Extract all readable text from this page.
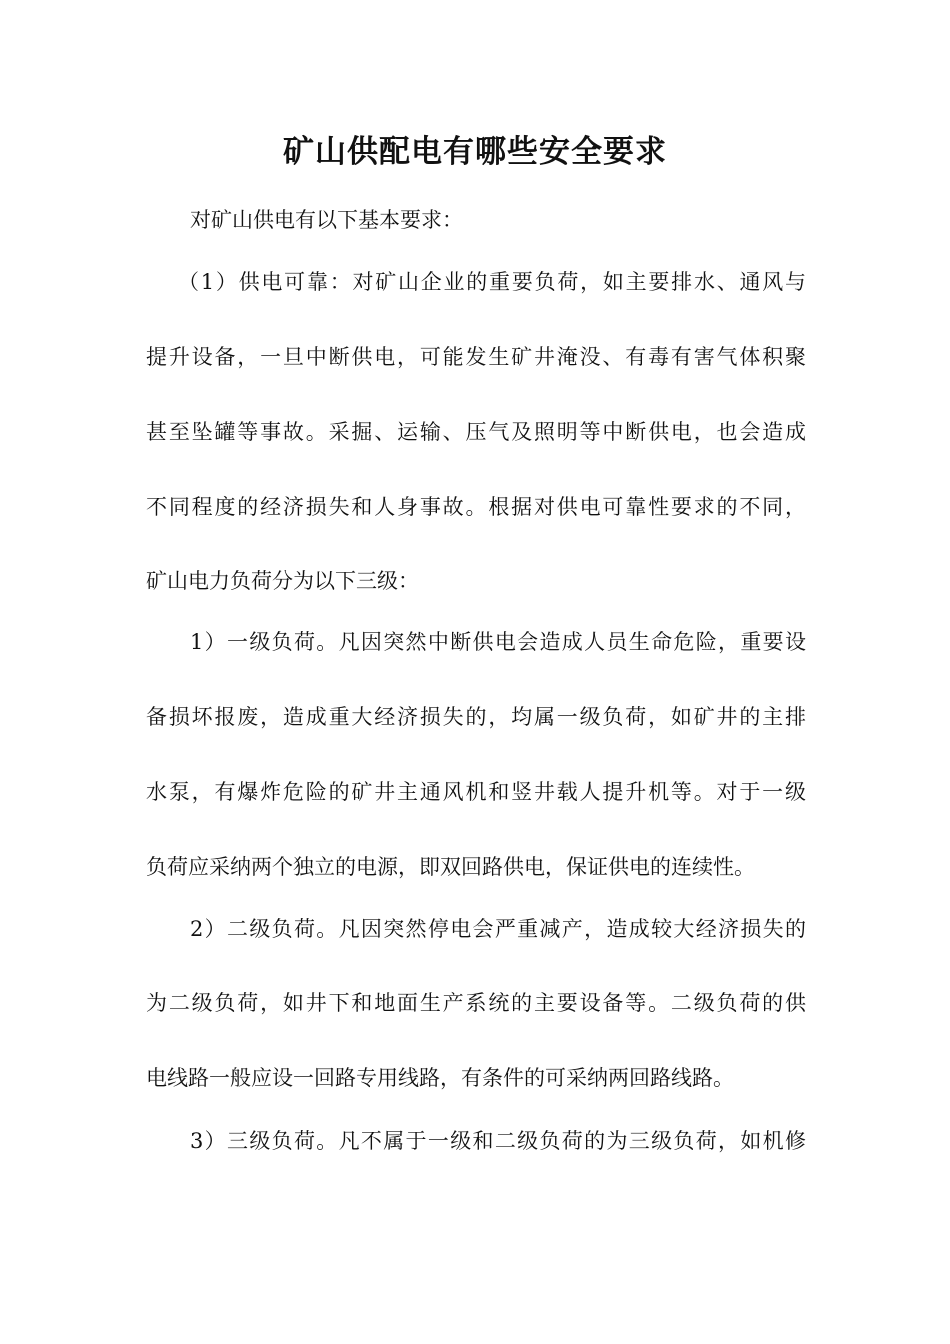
矿山供配电有哪些安全要求
对矿山供电有以下基本要求：
（1）供电可靠：对矿山企业的重要负荷，如主要排水、通风与
提升设备，一旦中断供电，可能发生矿井淹没、有毒有害气体积聚
甚至坠罐等事故。采掘、运输、压气及照明等中断供电，也会造成
不同程度的经济损失和人身事故。根据对供电可靠性要求的不同，
矿山电力负荷分为以下三级：
1）一级负荷。凡因突然中断供电会造成人员生命危险，重要设
备损坏报废，造成重大经济损失的，均属一级负荷，如矿井的主排
水泵，有爆炸危险的矿井主通风机和竖井载人提升机等。对于一级
负荷应采纳两个独立的电源，即双回路供电，保证供电的连续性。
2）二级负荷。凡因突然停电会严重减产，造成较大经济损失的
为二级负荷，如井下和地面生产系统的主要设备等。二级负荷的供
电线路一般应设一回路专用线路，有条件的可采纳两回路线路。
3）三级负荷。凡不属于一级和二级负荷的为三级负荷，如机修
